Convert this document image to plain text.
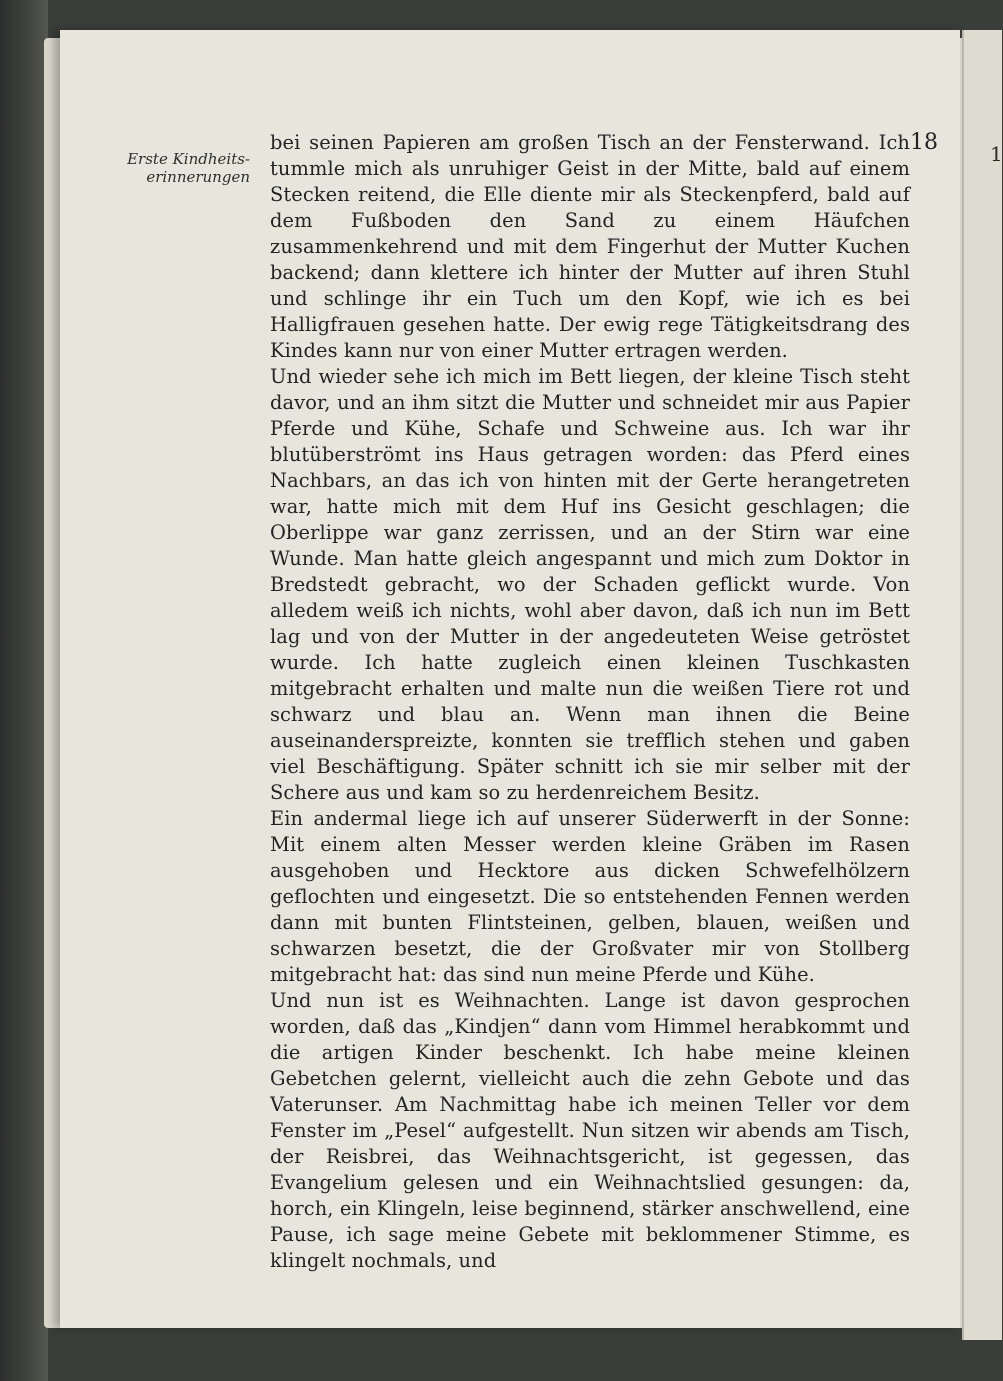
1
Erste Kindheits-
erinnerungen
18

bei seinen Papieren am großen Tisch an der Fensterwand. Ich tummle mich als unruhiger Geist in der Mitte, bald auf einem Stecken reitend, die Elle diente mir als Steckenpferd, bald auf dem Fußboden den Sand zu einem Häufchen zusammenkehrend und mit dem Fingerhut der Mutter Kuchen backend; dann klettere ich hinter der Mutter auf ihren Stuhl und schlinge ihr ein Tuch um den Kopf, wie ich es bei Halligfrauen gesehen hatte. Der ewig rege Tätigkeitsdrang des Kindes kann nur von einer Mutter ertragen werden.

Und wieder sehe ich mich im Bett liegen, der kleine Tisch steht davor, und an ihm sitzt die Mutter und schneidet mir aus Papier Pferde und Kühe, Schafe und Schweine aus. Ich war ihr blutüberströmt ins Haus getragen worden: das Pferd eines Nachbars, an das ich von hinten mit der Gerte herangetreten war, hatte mich mit dem Huf ins Gesicht geschlagen; die Oberlippe war ganz zerrissen, und an der Stirn war eine Wunde. Man hatte gleich angespannt und mich zum Doktor in Bredstedt gebracht, wo der Schaden geflickt wurde. Von alledem weiß ich nichts, wohl aber davon, daß ich nun im Bett lag und von der Mutter in der angedeuteten Weise getröstet wurde. Ich hatte zugleich einen kleinen Tuschkasten mitgebracht erhalten und malte nun die weißen Tiere rot und schwarz und blau an. Wenn man ihnen die Beine auseinanderspreizte, konnten sie trefflich stehen und gaben viel Beschäftigung. Später schnitt ich sie mir selber mit der Schere aus und kam so zu herdenreichem Besitz.

Ein andermal liege ich auf unserer Süderwerft in der Sonne: Mit einem alten Messer werden kleine Gräben im Rasen ausgehoben und Hecktore aus dicken Schwefelhölzern geflochten und eingesetzt. Die so entstehenden Fennen werden dann mit bunten Flintsteinen, gelben, blauen, weißen und schwarzen besetzt, die der Großvater mir von Stollberg mitgebracht hat: das sind nun meine Pferde und Kühe.

Und nun ist es Weihnachten. Lange ist davon gesprochen worden, daß das „Kindjen“ dann vom Himmel herabkommt und die artigen Kinder beschenkt. Ich habe meine kleinen Gebetchen gelernt, vielleicht auch die zehn Gebote und das Vaterunser. Am Nachmittag habe ich meinen Teller vor dem Fenster im „Pesel“ aufgestellt. Nun sitzen wir abends am Tisch, der Reisbrei, das Weihnachtsgericht, ist gegessen, das Evangelium gelesen und ein Weihnachtslied gesungen: da, horch, ein Klingeln, leise beginnend, stärker anschwellend, eine Pause, ich sage meine Gebete mit beklommener Stimme, es klingelt nochmals, und
